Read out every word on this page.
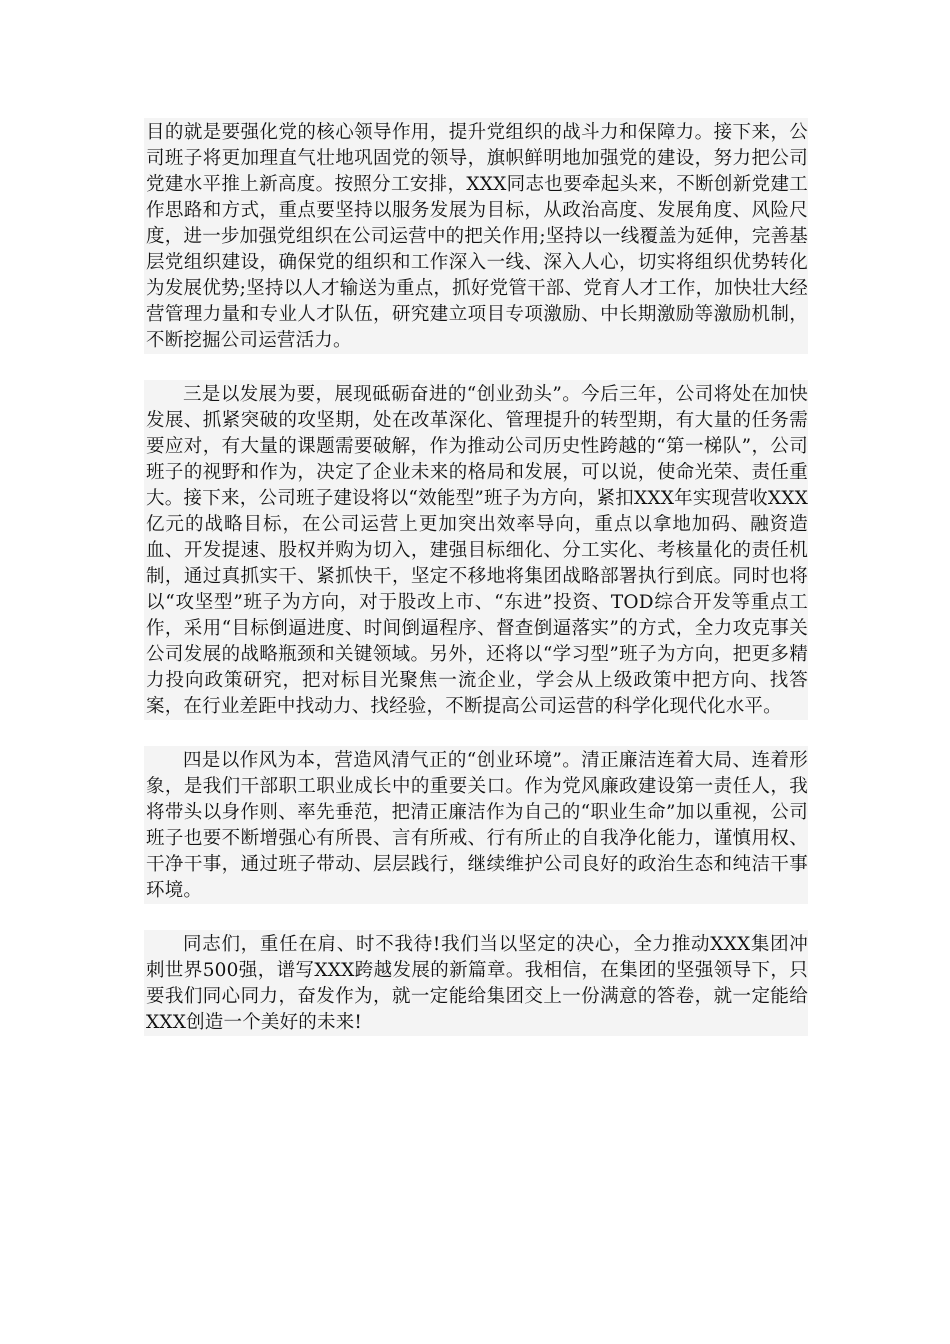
目的就是要强化党的核心领导作用，提升党组织的战斗力和保障力。接下来，公司班子将更加理直气壮地巩固党的领导，旗帜鲜明地加强党的建设，努力把公司党建水平推上新高度。按照分工安排，XXX同志也要牵起头来，不断创新党建工作思路和方式，重点要坚持以服务发展为目标，从政治高度、发展角度、风险尺度，进一步加强党组织在公司运营中的把关作用;坚持以一线覆盖为延伸，完善基层党组织建设，确保党的组织和工作深入一线、深入人心，切实将组织优势转化为发展优势;坚持以人才输送为重点，抓好党管干部、党育人才工作，加快壮大经营管理力量和专业人才队伍，研究建立项目专项激励、中长期激励等激励机制，不断挖掘公司运营活力。

三是以发展为要，展现砥砺奋进的“创业劲头”。今后三年，公司将处在加快发展、抓紧突破的攻坚期，处在改革深化、管理提升的转型期，有大量的任务需要应对，有大量的课题需要破解，作为推动公司历史性跨越的“第一梯队”，公司班子的视野和作为，决定了企业未来的格局和发展，可以说，使命光荣、责任重大。接下来，公司班子建设将以“效能型”班子为方向，紧扣XXX年实现营收XXX亿元的战略目标，在公司运营上更加突出效率导向，重点以拿地加码、融资造血、开发提速、股权并购为切入，建强目标细化、分工实化、考核量化的责任机制，通过真抓实干、紧抓快干，坚定不移地将集团战略部署执行到底。同时也将以“攻坚型”班子为方向，对于股改上市、“东进”投资、TOD综合开发等重点工作，采用“目标倒逼进度、时间倒逼程序、督查倒逼落实”的方式，全力攻克事关公司发展的战略瓶颈和关键领域。另外，还将以“学习型”班子为方向，把更多精力投向政策研究，把对标目光聚焦一流企业，学会从上级政策中把方向、找答案，在行业差距中找动力、找经验，不断提高公司运营的科学化现代化水平。

四是以作风为本，营造风清气正的“创业环境”。清正廉洁连着大局、连着形象，是我们干部职工职业成长中的重要关口。作为党风廉政建设第一责任人，我将带头以身作则、率先垂范，把清正廉洁作为自己的“职业生命”加以重视，公司班子也要不断增强心有所畏、言有所戒、行有所止的自我净化能力，谨慎用权、干净干事，通过班子带动、层层践行，继续维护公司良好的政治生态和纯洁干事环境。

同志们，重任在肩、时不我待!我们当以坚定的决心，全力推动XXX集团冲刺世界500强，谱写XXX跨越发展的新篇章。我相信，在集团的坚强领导下，只要我们同心同力，奋发作为，就一定能给集团交上一份满意的答卷，就一定能给XXX创造一个美好的未来!
